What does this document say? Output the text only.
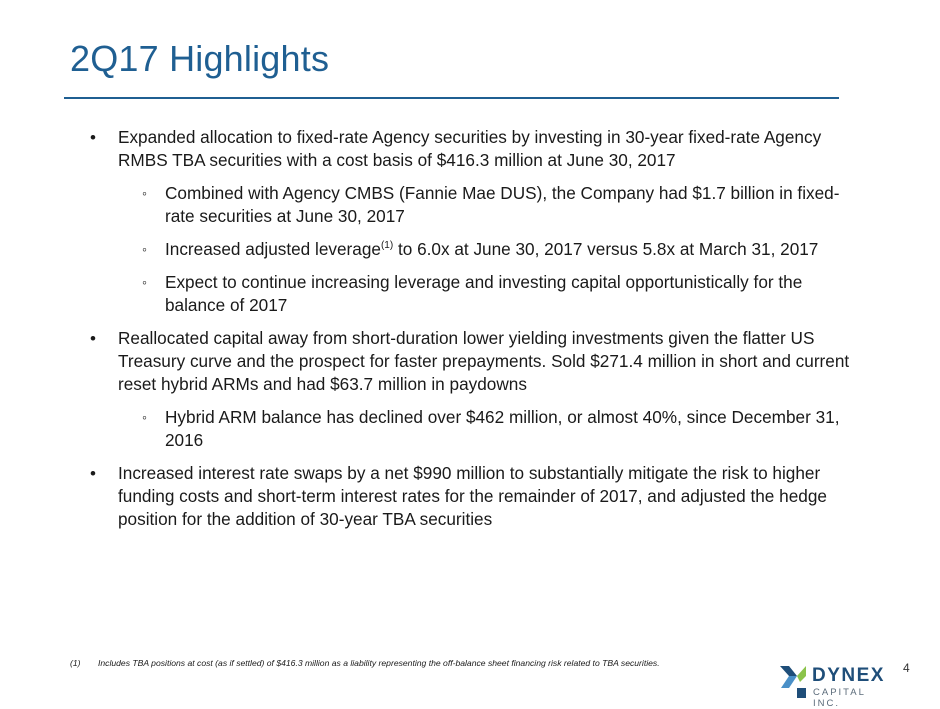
2Q17 Highlights
• Expanded allocation to fixed-rate Agency securities by investing in 30-year fixed-rate Agency RMBS TBA securities with a cost basis of $416.3 million at June 30, 2017
◦ Combined with Agency CMBS (Fannie Mae DUS), the Company had $1.7 billion in fixed-rate securities at June 30, 2017
◦ Increased adjusted leverage$^{(1)}$ to 6.0x at June 30, 2017 versus 5.8x at March 31, 2017
◦ Expect to continue increasing leverage and investing capital opportunistically for the balance of 2017
• Reallocated capital away from short-duration lower yielding investments given the flatter US Treasury curve and the prospect for faster prepayments. Sold $271.4 million in short and current reset hybrid ARMs and had $63.7 million in paydowns
◦ Hybrid ARM balance has declined over $462 million, or almost 40%, since December 31, 2016
• Increased interest rate swaps by a net $990 million to substantially mitigate the risk to higher funding costs and short-term interest rates for the remainder of 2017, and adjusted the hedge position for the addition of 30-year TBA securities
(1) Includes TBA positions at cost (as if settled) of $416.3 million as a liability representing the off-balance sheet financing risk related to TBA securities.
DYNEX
CAPITAL INC.
4
